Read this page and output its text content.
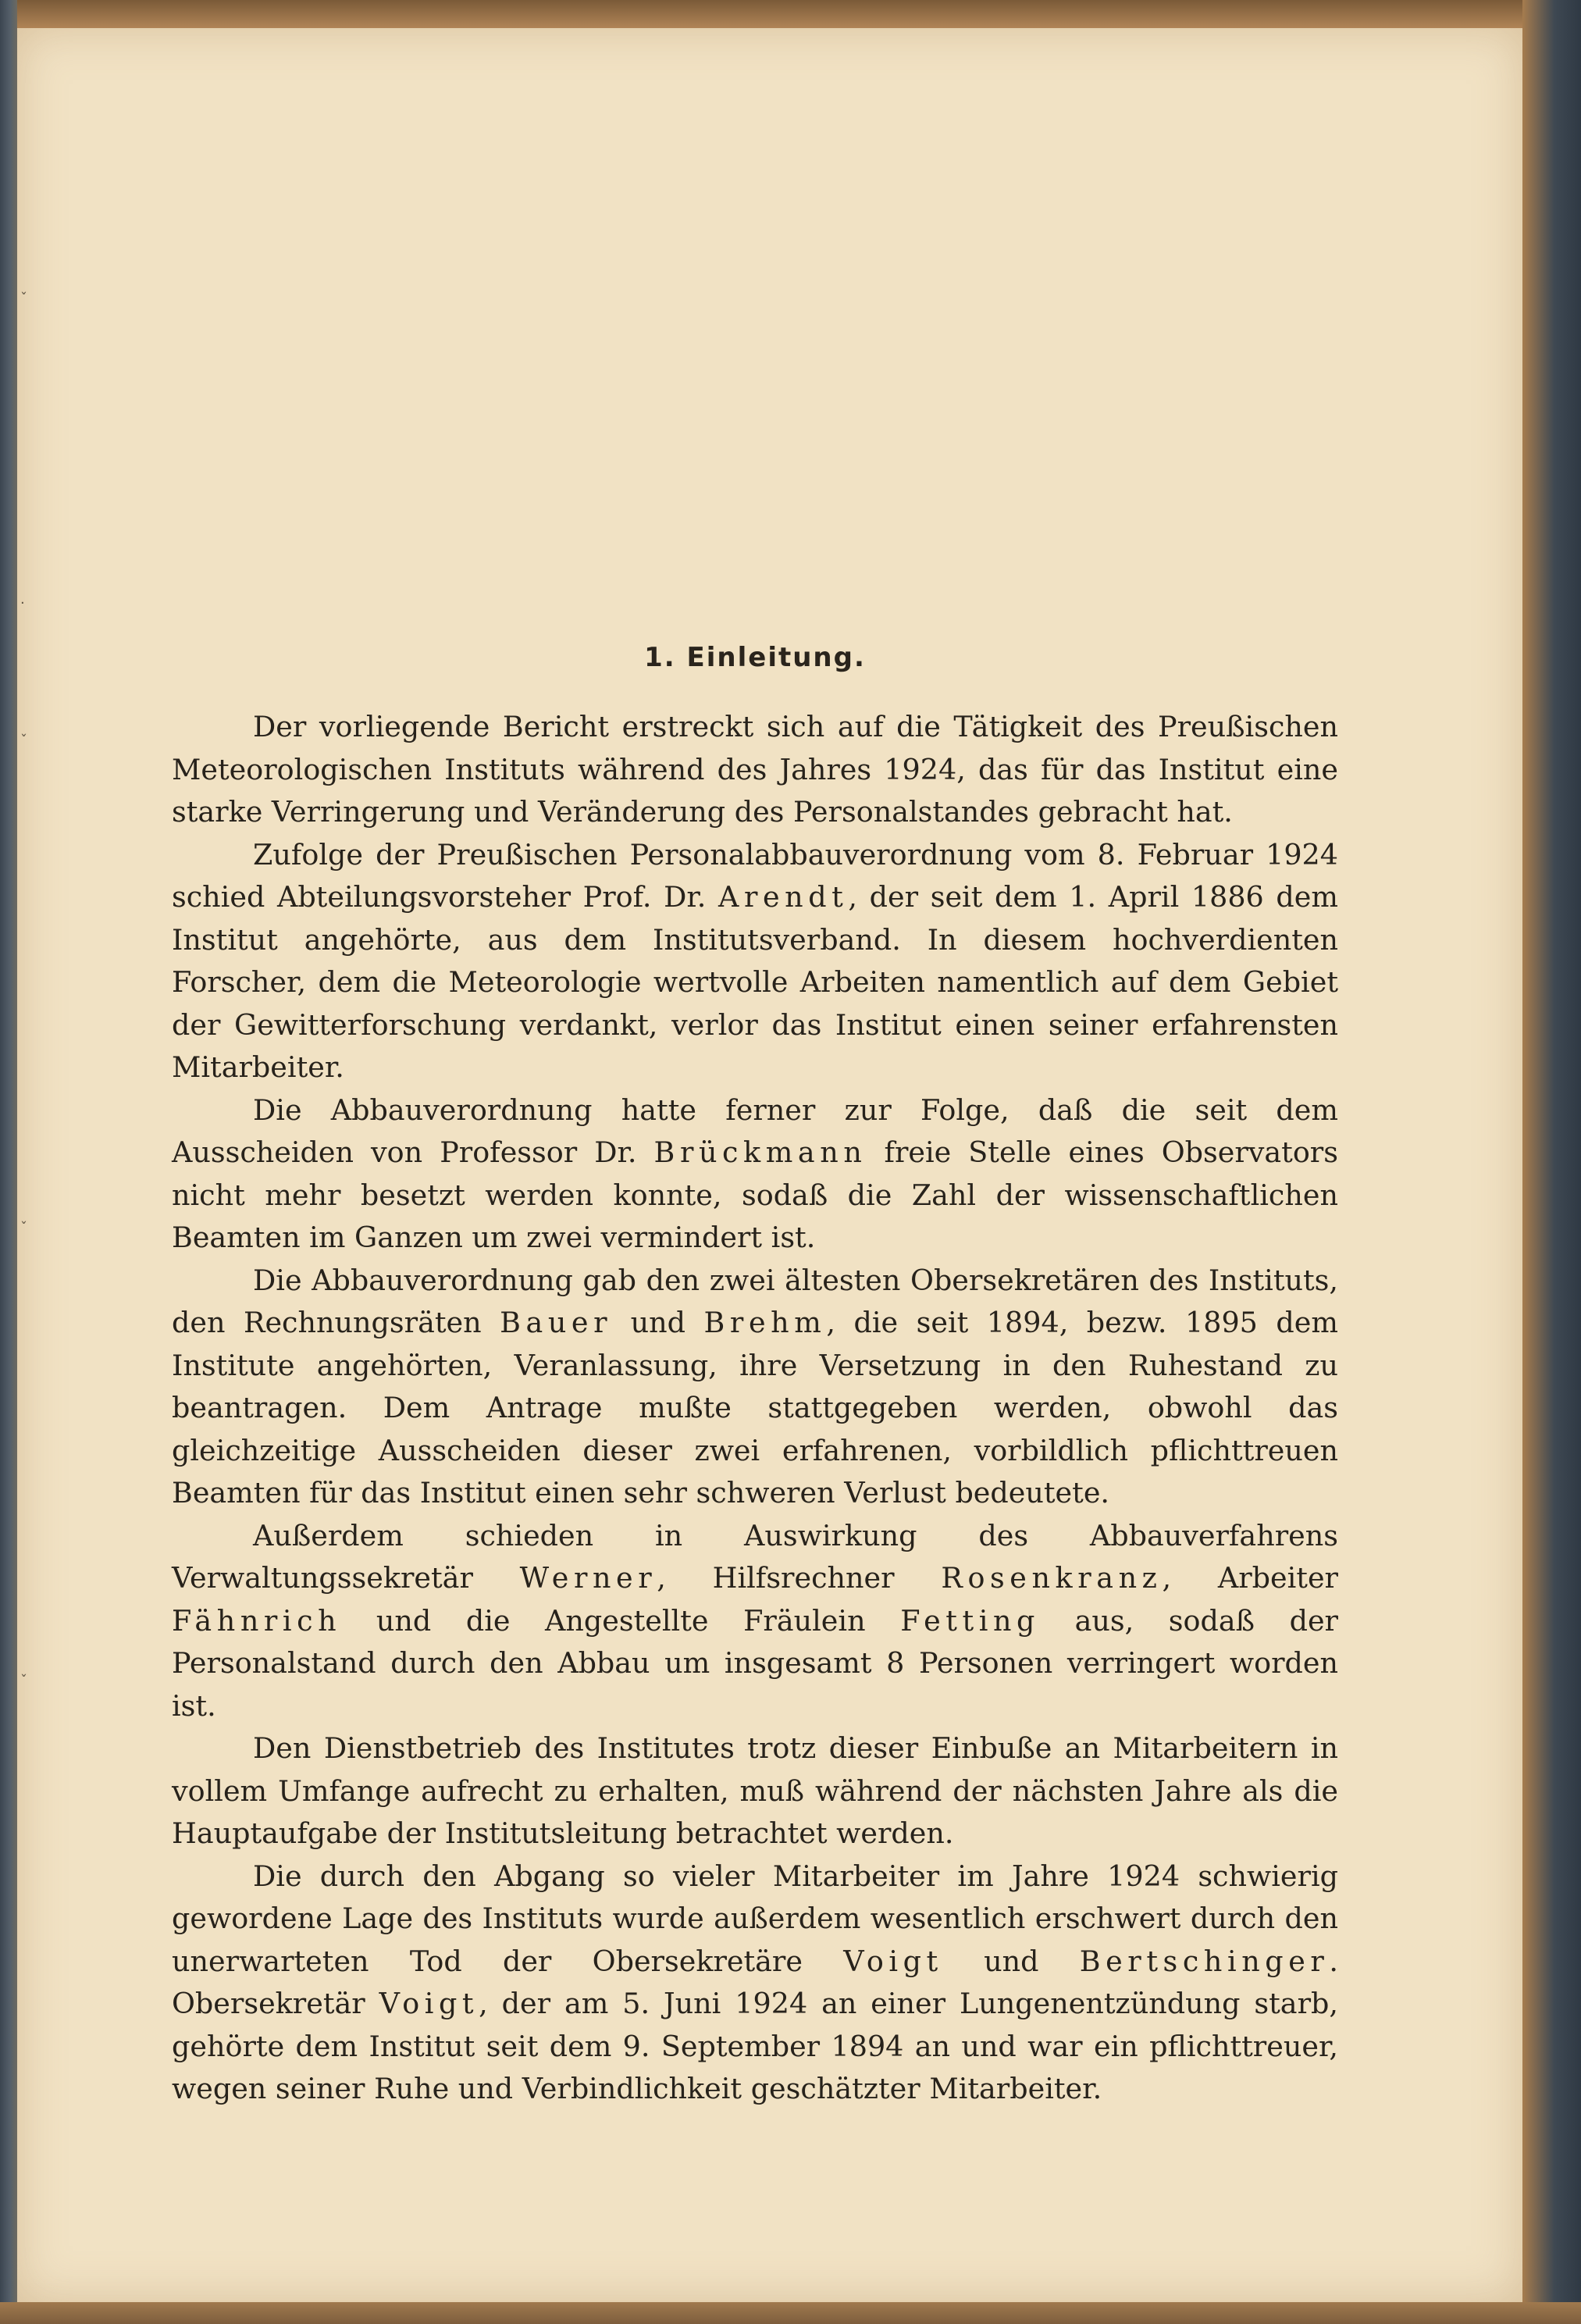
ˇ
·
ˇ
ˇ
ˇ
1. Einleitung.

Der vorliegende Bericht erstreckt sich auf die Tätigkeit des Preußischen Meteorologischen Instituts während des Jahres 1924, das für das Institut eine starke Verringerung und Veränderung des Personalstandes gebracht hat.

Zufolge der Preußischen Personalabbauverordnung vom 8. Februar 1924 schied Abteilungsvorsteher Prof. Dr. Arendt, der seit dem 1. April 1886 dem Institut angehörte, aus dem Institutsverband. In diesem hochverdienten Forscher, dem die Meteorologie wertvolle Arbeiten namentlich auf dem Gebiet der Gewitterforschung verdankt, verlor das Institut einen seiner erfahrensten Mitarbeiter.

Die Abbauverordnung hatte ferner zur Folge, daß die seit dem Ausscheiden von Professor Dr. Brückmann freie Stelle eines Observators nicht mehr besetzt werden konnte, sodaß die Zahl der wissenschaftlichen Beamten im Ganzen um zwei vermindert ist.

Die Abbauverordnung gab den zwei ältesten Obersekretären des Instituts, den Rechnungsräten Bauer und Brehm, die seit 1894, bezw. 1895 dem Institute angehörten, Veranlassung, ihre Versetzung in den Ruhestand zu beantragen. Dem Antrage mußte stattgegeben werden, obwohl das gleichzeitige Ausscheiden dieser zwei erfahrenen, vorbildlich pflichttreuen Beamten für das Institut einen sehr schweren Verlust bedeutete.

Außerdem schieden in Auswirkung des Abbauverfahrens Verwaltungssekretär Werner, Hilfsrechner Rosenkranz, Arbeiter Fähnrich und die Angestellte Fräulein Fetting aus, sodaß der Personalstand durch den Abbau um insgesamt 8 Personen verringert worden ist.

Den Dienstbetrieb des Institutes trotz dieser Einbuße an Mitarbeitern in vollem Umfange aufrecht zu erhalten, muß während der nächsten Jahre als die Hauptaufgabe der Institutsleitung betrachtet werden.

Die durch den Abgang so vieler Mitarbeiter im Jahre 1924 schwierig gewordene Lage des Instituts wurde außerdem wesentlich erschwert durch den unerwarteten Tod der Obersekretäre Voigt und Bertschinger. Obersekretär Voigt, der am 5. Juni 1924 an einer Lungenentzündung starb, gehörte dem Institut seit dem 9. September 1894 an und war ein pflichttreuer, wegen seiner Ruhe und Verbindlichkeit geschätzter Mitarbeiter.
